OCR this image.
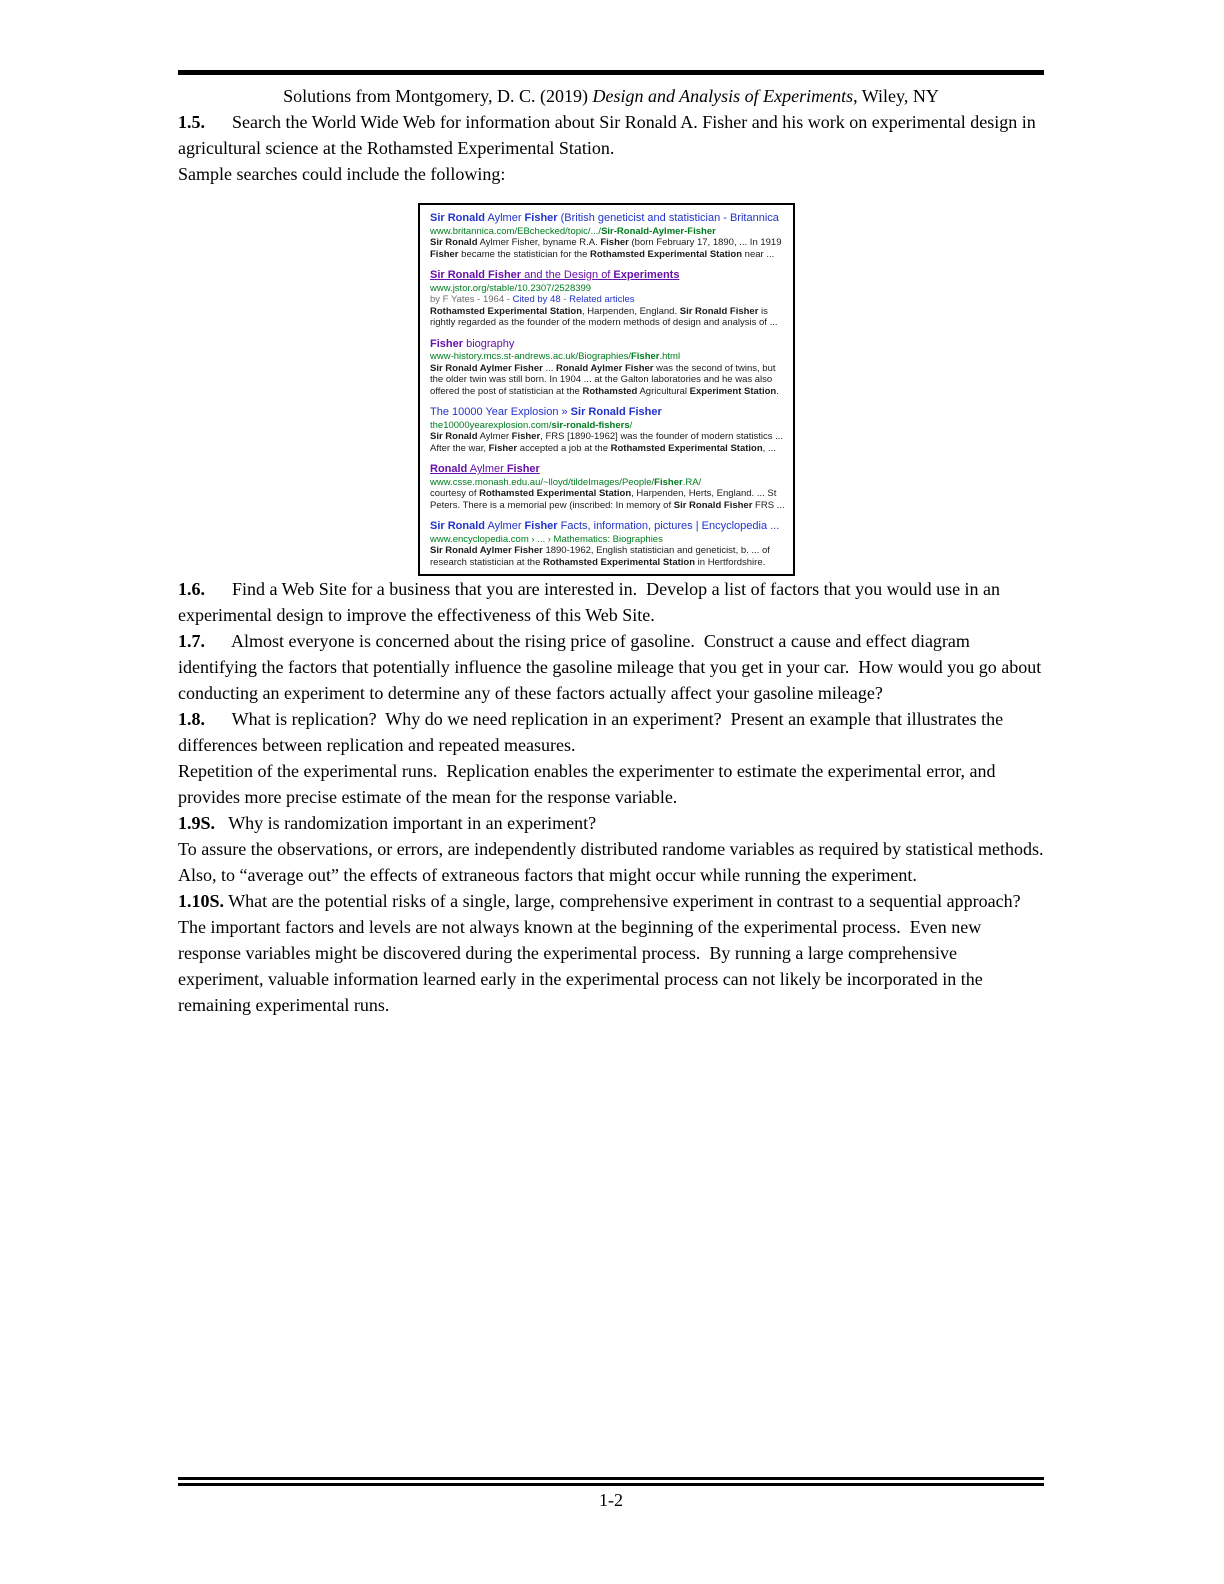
Solutions from Montgomery, D. C. (2019) Design and Analysis of Experiments, Wiley, NY

1.5.      Search the World Wide Web for information about Sir Ronald A. Fisher and his work on experimental design in agricultural science at the Rothamsted Experimental Station.

Sample searches could include the following:

Sir Ronald Aylmer Fisher (British geneticist and statistician - Britannica
www.britannica.com/EBchecked/topic/.../Sir-Ronald-Aylmer-Fisher
Sir Ronald Aylmer Fisher, byname R.A. Fisher (born February 17, 1890, ... In 1919 Fisher became the statistician for the Rothamsted Experimental Station near ...
Sir Ronald Fisher and the Design of Experiments
www.jstor.org/stable/10.2307/2528399
by F Yates - 1964 - Cited by 48 - Related articles
Rothamsted Experimental Station, Harpenden, England. Sir Ronald Fisher is rightly regarded as the founder of the modern methods of design and analysis of ...
Fisher biography
www-history.mcs.st-andrews.ac.uk/Biographies/Fisher.html
Sir Ronald Aylmer Fisher ... Ronald Aylmer Fisher was the second of twins, but the older twin was still born. In 1904 ... at the Galton laboratories and he was also offered the post of statistician at the Rothamsted Agricultural Experiment Station.
The 10000 Year Explosion » Sir Ronald Fisher
the10000yearexplosion.com/sir-ronald-fishers/
Sir Ronald Aylmer Fisher, FRS [1890-1962] was the founder of modern statistics ... After the war, Fisher accepted a job at the Rothamsted Experimental Station, ...
Ronald Aylmer Fisher
www.csse.monash.edu.au/~lloyd/tildeImages/People/Fisher.RA/
courtesy of Rothamsted Experimental Station, Harpenden, Herts, England. ... St Peters. There is a memorial pew (inscribed: In memory of Sir Ronald Fisher FRS ...
Sir Ronald Aylmer Fisher Facts, information, pictures | Encyclopedia ...
www.encyclopedia.com › ... › Mathematics: Biographies
Sir Ronald Aylmer Fisher 1890-1962, English statistician and geneticist, b. ... of research statistician at the Rothamsted Experimental Station in Hertfordshire.

1.6.      Find a Web Site for a business that you are interested in.  Develop a list of factors that you would use in an experimental design to improve the effectiveness of this Web Site.

1.7.      Almost everyone is concerned about the rising price of gasoline.  Construct a cause and effect diagram identifying the factors that potentially influence the gasoline mileage that you get in your car.  How would you go about conducting an experiment to determine any of these factors actually affect your gasoline mileage?

1.8.      What is replication?  Why do we need replication in an experiment?  Present an example that illustrates the differences between replication and repeated measures.

Repetition of the experimental runs.  Replication enables the experimenter to estimate the experimental error, and provides more precise estimate of the mean for the response variable.

1.9S.   Why is randomization important in an experiment?

To assure the observations, or errors, are independently distributed randome variables as required by statistical methods.   Also, to “average out” the effects of extraneous factors that might occur while running the experiment.

1.10S. What are the potential risks of a single, large, comprehensive experiment in contrast to a sequential approach?

The important factors and levels are not always known at the beginning of the experimental process.  Even new response variables might be discovered during the experimental process.  By running a large comprehensive experiment, valuable information learned early in the experimental process can not likely be incorporated in the remaining experimental runs.

1-2
